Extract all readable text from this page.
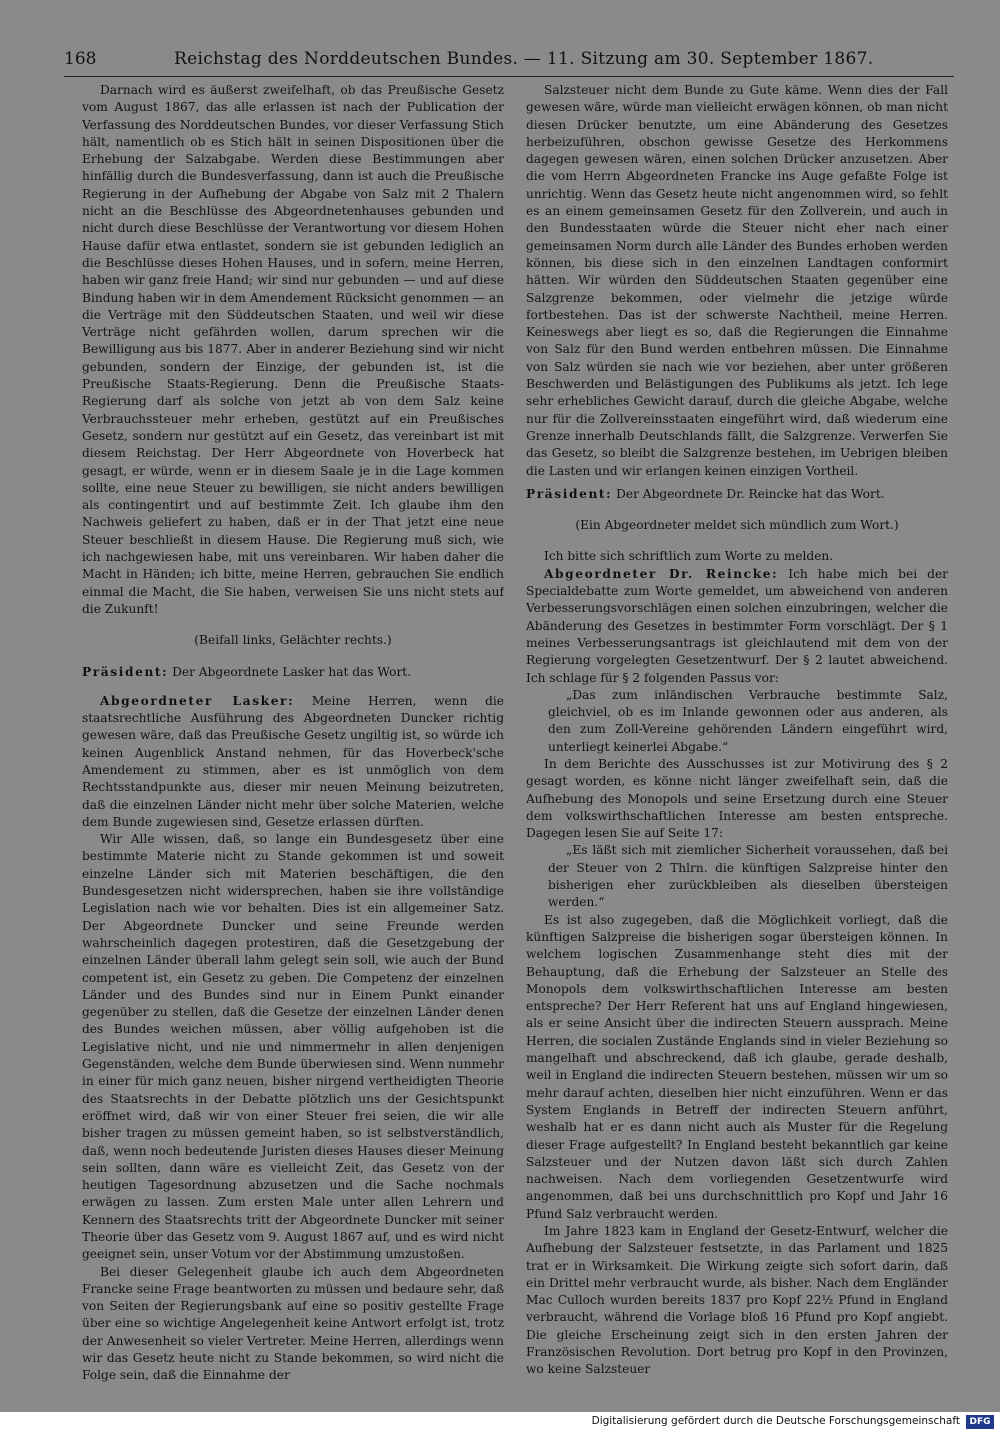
168	Reichstag des Norddeutschen Bundes. — 11. Sitzung am 30. September 1867.

Darnach wird es äußerst zweifelhaft, ob das Preußische Gesetz vom August 1867, das alle erlassen ist nach der Publication der Verfassung des Norddeutschen Bundes, vor dieser Verfassung Stich hält, namentlich ob es Stich hält in seinen Dispositionen über die Erhebung der Salzabgabe. Werden diese Bestimmungen aber hinfällig durch die Bundesverfassung, dann ist auch die Preußische Regierung in der Aufhebung der Abgabe von Salz mit 2 Thalern nicht an die Beschlüsse des Abgeordnetenhauses gebunden und nicht durch diese Beschlüsse der Verantwortung vor diesem Hohen Hause dafür etwa entlastet, sondern sie ist gebunden lediglich an die Beschlüsse dieses Hohen Hauses, und in sofern, meine Herren, haben wir ganz freie Hand; wir sind nur gebunden — und auf diese Bindung haben wir in dem Amendement Rücksicht genommen — an die Verträge mit den Süddeutschen Staaten, und weil wir diese Verträge nicht gefährden wollen, darum sprechen wir die Bewilligung aus bis 1877. Aber in anderer Beziehung sind wir nicht gebunden, sondern der Einzige, der gebunden ist, ist die Preußische Staats-Regierung. Denn die Preußische Staats-Regierung darf als solche von jetzt ab von dem Salz keine Verbrauchssteuer mehr erheben, gestützt auf ein Preußisches Gesetz, sondern nur gestützt auf ein Gesetz, das vereinbart ist mit diesem Reichstag. Der Herr Abgeordnete von Hoverbeck hat gesagt, er würde, wenn er in diesem Saale je in die Lage kommen sollte, eine neue Steuer zu bewilligen, sie nicht anders bewilligen als contingentirt und auf bestimmte Zeit. Ich glaube ihm den Nachweis geliefert zu haben, daß er in der That jetzt eine neue Steuer beschließt in diesem Hause. Die Regierung muß sich, wie ich nachgewiesen habe, mit uns vereinbaren. Wir haben daher die Macht in Händen; ich bitte, meine Herren, gebrauchen Sie endlich einmal die Macht, die Sie haben, verweisen Sie uns nicht stets auf die Zukunft!

(Beifall links, Gelächter rechts.)

Präsident: Der Abgeordnete Lasker hat das Wort.

Abgeordneter Lasker: Meine Herren, wenn die staatsrechtliche Ausführung des Abgeordneten Duncker richtig gewesen wäre, daß das Preußische Gesetz ungiltig ist, so würde ich keinen Augenblick Anstand nehmen, für das Hoverbeck'sche Amendement zu stimmen, aber es ist unmöglich von dem Rechtsstandpunkte aus, dieser mir neuen Meinung beizutreten, daß die einzelnen Länder nicht mehr über solche Materien, welche dem Bunde zugewiesen sind, Gesetze erlassen dürften.

Wir Alle wissen, daß, so lange ein Bundesgesetz über eine bestimmte Materie nicht zu Stande gekommen ist und soweit einzelne Länder sich mit Materien beschäftigen, die den Bundesgesetzen nicht widersprechen, haben sie ihre vollständige Legislation nach wie vor behalten. Dies ist ein allgemeiner Satz. Der Abgeordnete Duncker und seine Freunde werden wahrscheinlich dagegen protestiren, daß die Gesetzgebung der einzelnen Länder überall lahm gelegt sein soll, wie auch der Bund competent ist, ein Gesetz zu geben. Die Competenz der einzelnen Länder und des Bundes sind nur in Einem Punkt einander gegenüber zu stellen, daß die Gesetze der einzelnen Länder denen des Bundes weichen müssen, aber völlig aufgehoben ist die Legislative nicht, und nie und nimmermehr in allen denjenigen Gegenständen, welche dem Bunde überwiesen sind. Wenn nunmehr in einer für mich ganz neuen, bisher nirgend vertheidigten Theorie des Staatsrechts in der Debatte plötzlich uns der Gesichtspunkt eröffnet wird, daß wir von einer Steuer frei seien, die wir alle bisher tragen zu müssen gemeint haben, so ist selbstverständlich, daß, wenn noch bedeutende Juristen dieses Hauses dieser Meinung sein sollten, dann wäre es vielleicht Zeit, das Gesetz von der heutigen Tagesordnung abzusetzen und die Sache nochmals erwägen zu lassen. Zum ersten Male unter allen Lehrern und Kennern des Staatsrechts tritt der Abgeordnete Duncker mit seiner Theorie über das Gesetz vom 9. August 1867 auf, und es wird nicht geeignet sein, unser Votum vor der Abstimmung umzustoßen.

Bei dieser Gelegenheit glaube ich auch dem Abgeordneten Francke seine Frage beantworten zu müssen und bedaure sehr, daß von Seiten der Regierungsbank auf eine so positiv gestellte Frage über eine so wichtige Angelegenheit keine Antwort erfolgt ist, trotz der Anwesenheit so vieler Vertreter. Meine Herren, allerdings wenn wir das Gesetz heute nicht zu Stande bekommen, so wird nicht die Folge sein, daß die Einnahme der

Salzsteuer nicht dem Bunde zu Gute käme. Wenn dies der Fall gewesen wäre, würde man vielleicht erwägen können, ob man nicht diesen Drücker benutzte, um eine Abänderung des Gesetzes herbeizuführen, obschon gewisse Gesetze des Herkommens dagegen gewesen wären, einen solchen Drücker anzusetzen. Aber die vom Herrn Abgeordneten Francke ins Auge gefaßte Folge ist unrichtig. Wenn das Gesetz heute nicht angenommen wird, so fehlt es an einem gemeinsamen Gesetz für den Zollverein, und auch in den Bundesstaaten würde die Steuer nicht eher nach einer gemeinsamen Norm durch alle Länder des Bundes erhoben werden können, bis diese sich in den einzelnen Landtagen conformirt hätten. Wir würden den Süddeutschen Staaten gegenüber eine Salzgrenze bekommen, oder vielmehr die jetzige würde fortbestehen. Das ist der schwerste Nachtheil, meine Herren. Keineswegs aber liegt es so, daß die Regierungen die Einnahme von Salz für den Bund werden entbehren müssen. Die Einnahme von Salz würden sie nach wie vor beziehen, aber unter größeren Beschwerden und Belästigungen des Publikums als jetzt. Ich lege sehr erhebliches Gewicht darauf, durch die gleiche Abgabe, welche nur für die Zollvereinsstaaten eingeführt wird, daß wiederum eine Grenze innerhalb Deutschlands fällt, die Salzgrenze. Verwerfen Sie das Gesetz, so bleibt die Salzgrenze bestehen, im Uebrigen bleiben die Lasten und wir erlangen keinen einzigen Vortheil.

Präsident: Der Abgeordnete Dr. Reincke hat das Wort.

(Ein Abgeordneter meldet sich mündlich zum Wort.)

Ich bitte sich schriftlich zum Worte zu melden.

Abgeordneter Dr. Reincke: Ich habe mich bei der Specialdebatte zum Worte gemeldet, um abweichend von anderen Verbesserungsvorschlägen einen solchen einzubringen, welcher die Abänderung des Gesetzes in bestimmter Form vorschlägt. Der § 1 meines Verbesserungsantrags ist gleichlautend mit dem von der Regierung vorgelegten Gesetzentwurf. Der § 2 lautet abweichend. Ich schlage für § 2 folgenden Passus vor:

„Das zum inländischen Verbrauche bestimmte Salz, gleichviel, ob es im Inlande gewonnen oder aus anderen, als den zum Zoll-Vereine gehörenden Ländern eingeführt wird, unterliegt keinerlei Abgabe.“

In dem Berichte des Ausschusses ist zur Motivirung des § 2 gesagt worden, es könne nicht länger zweifelhaft sein, daß die Aufhebung des Monopols und seine Ersetzung durch eine Steuer dem volkswirthschaftlichen Interesse am besten entspreche. Dagegen lesen Sie auf Seite 17:

„Es läßt sich mit ziemlicher Sicherheit voraussehen, daß bei der Steuer von 2 Thlrn. die künftigen Salzpreise hinter den bisherigen eher zurückbleiben als dieselben übersteigen werden.“

Es ist also zugegeben, daß die Möglichkeit vorliegt, daß die künftigen Salzpreise die bisherigen sogar übersteigen können. In welchem logischen Zusammenhange steht dies mit der Behauptung, daß die Erhebung der Salzsteuer an Stelle des Monopols dem volkswirthschaftlichen Interesse am besten entspreche? Der Herr Referent hat uns auf England hingewiesen, als er seine Ansicht über die indirecten Steuern aussprach. Meine Herren, die socialen Zustände Englands sind in vieler Beziehung so mangelhaft und abschreckend, daß ich glaube, gerade deshalb, weil in England die indirecten Steuern bestehen, müssen wir um so mehr darauf achten, dieselben hier nicht einzuführen. Wenn er das System Englands in Betreff der indirecten Steuern anführt, weshalb hat er es dann nicht auch als Muster für die Regelung dieser Frage aufgestellt? In England besteht bekanntlich gar keine Salzsteuer und der Nutzen davon läßt sich durch Zahlen nachweisen. Nach dem vorliegenden Gesetzentwurfe wird angenommen, daß bei uns durchschnittlich pro Kopf und Jahr 16 Pfund Salz verbraucht werden.

Im Jahre 1823 kam in England der Gesetz-Entwurf, welcher die Aufhebung der Salzsteuer festsetzte, in das Parlament und 1825 trat er in Wirksamkeit. Die Wirkung zeigte sich sofort darin, daß ein Drittel mehr verbraucht wurde, als bisher. Nach dem Engländer Mac Culloch wurden bereits 1837 pro Kopf 22½ Pfund in England verbraucht, während die Vorlage bloß 16 Pfund pro Kopf angiebt. Die gleiche Erscheinung zeigt sich in den ersten Jahren der Französischen Revolution. Dort betrug pro Kopf in den Provinzen, wo keine Salzsteuer

Digitalisierung gefördert durch die Deutsche Forschungsgemeinschaft	DFG
